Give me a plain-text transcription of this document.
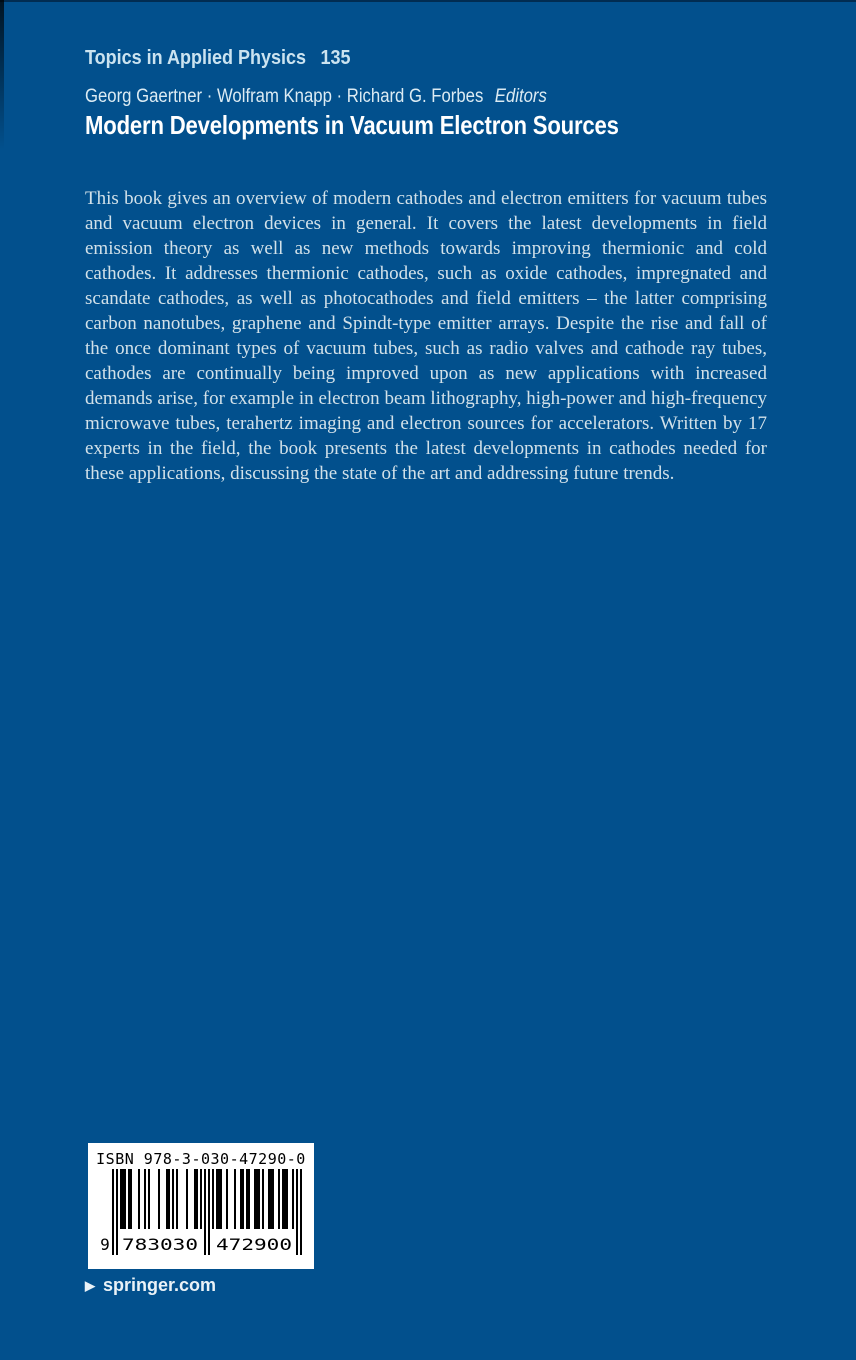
Topics in Applied Physics 135
Georg Gaertner · Wolfram Knapp · Richard G. Forbes Editors
Modern Developments in Vacuum Electron Sources

This book gives an overview of modern cathodes and electron emitters for vacuum tubes and vacuum electron devices in general. It covers the latest developments in field emission theory as well as new methods towards improving thermionic and cold cathodes. It addresses thermionic cathodes, such as oxide cathodes, impregnated and scandate cathodes, as well as photocathodes and field emitters – the latter comprising carbon nanotubes, graphene and Spindt-type emitter arrays. Despite the rise and fall of the once dominant types of vacuum tubes, such as radio valves and cathode ray tubes, cathodes are continually being improved upon as new applications with increased demands arise, for example in electron beam lithography, high-power and high-frequency microwave tubes, terahertz imaging and electron sources for accelerators. Written by 17 experts in the field, the book presents the latest developments in cathodes needed for these applications, discussing the state of the art and addressing future trends.

ISBN 978-3-030-47290-0
9 783030 472900
▶ springer.com
